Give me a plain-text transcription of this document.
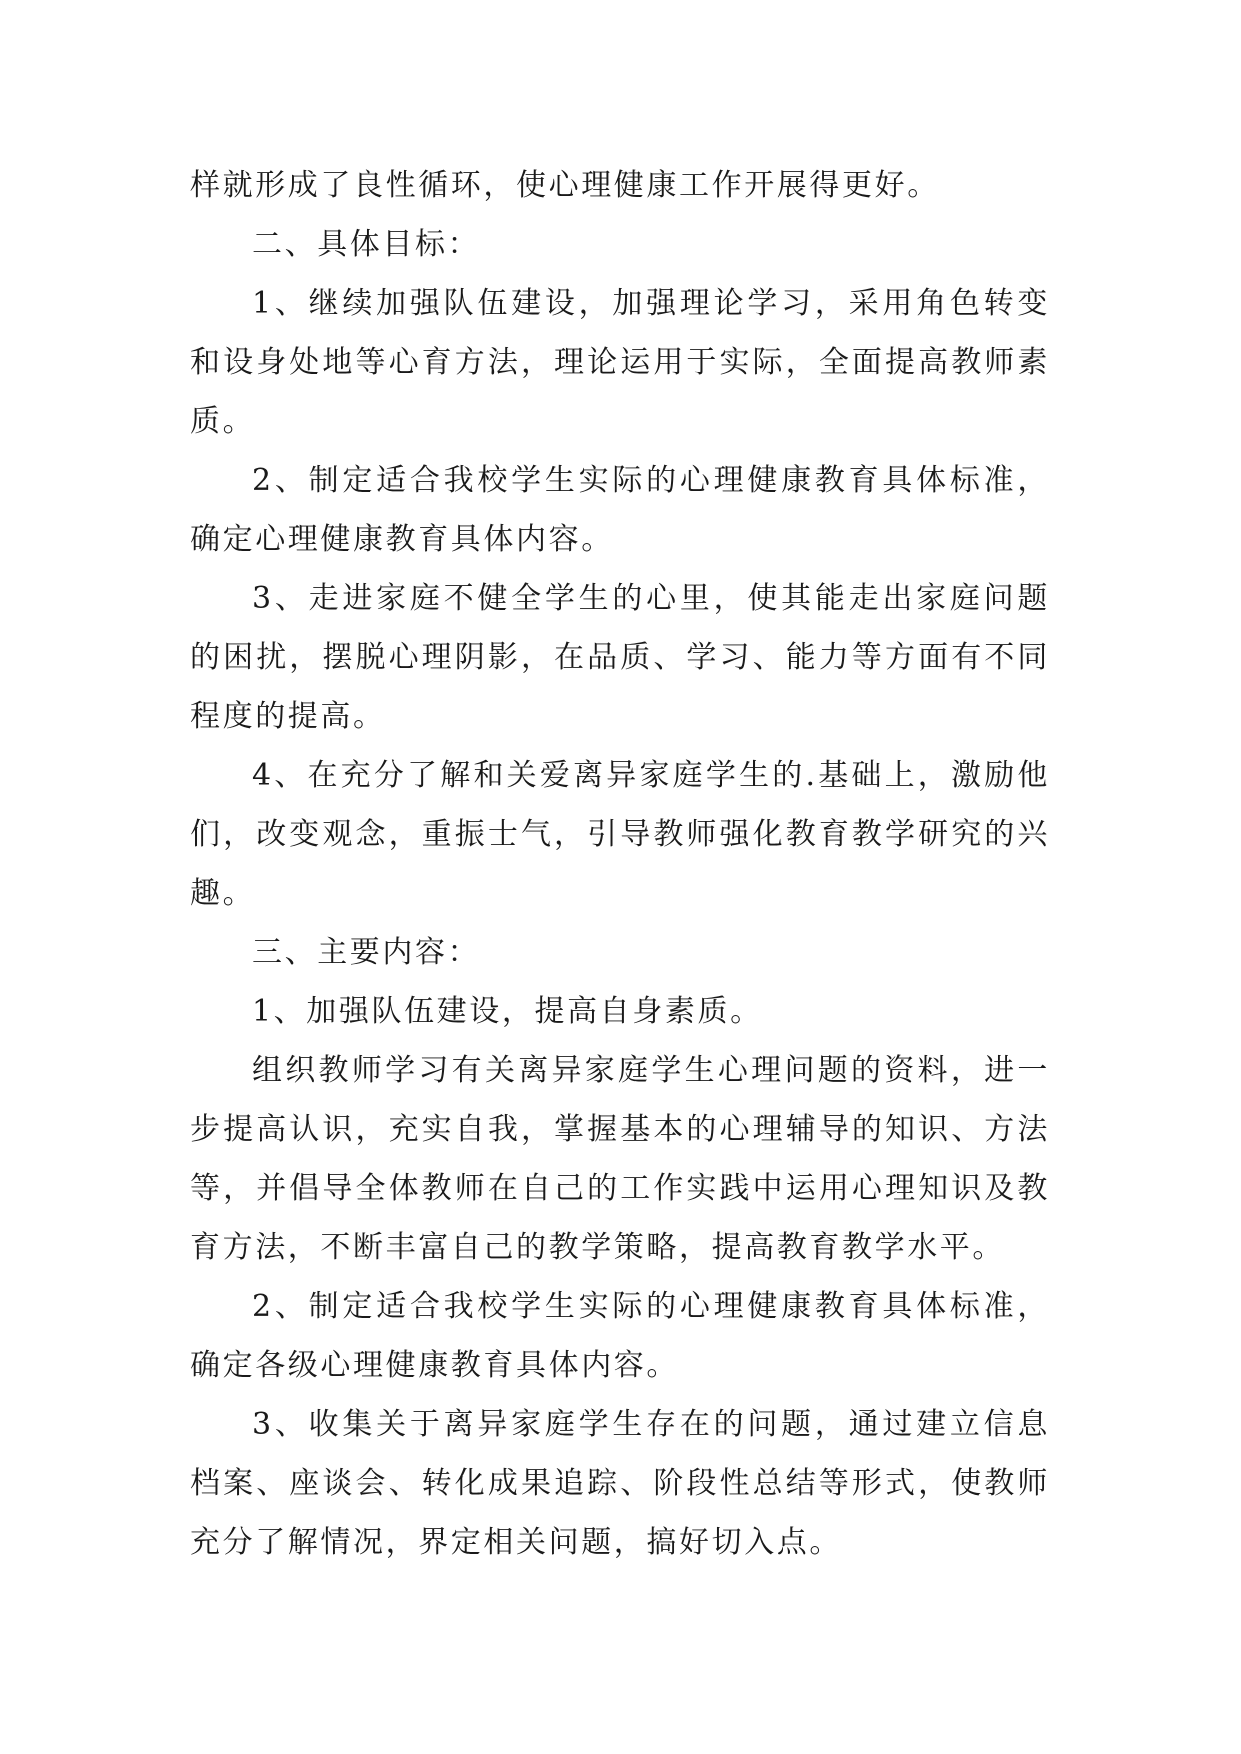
样就形成了良性循环，使心理健康工作开展得更好。

二、具体目标：

1、继续加强队伍建设，加强理论学习，采用角色转变和设身处地等心育方法，理论运用于实际，全面提高教师素质。

2、制定适合我校学生实际的心理健康教育具体标准，确定心理健康教育具体内容。

3、走进家庭不健全学生的心里，使其能走出家庭问题的困扰，摆脱心理阴影，在品质、学习、能力等方面有不同程度的提高。

4、在充分了解和关爱离异家庭学生的.基础上，激励他们，改变观念，重振士气，引导教师强化教育教学研究的兴趣。

三、主要内容：

1、加强队伍建设，提高自身素质。

组织教师学习有关离异家庭学生心理问题的资料，进一步提高认识，充实自我，掌握基本的心理辅导的知识、方法等，并倡导全体教师在自己的工作实践中运用心理知识及教育方法，不断丰富自己的教学策略，提高教育教学水平。

2、制定适合我校学生实际的心理健康教育具体标准，确定各级心理健康教育具体内容。

3、收集关于离异家庭学生存在的问题，通过建立信息档案、座谈会、转化成果追踪、阶段性总结等形式，使教师充分了解情况，界定相关问题，搞好切入点。
